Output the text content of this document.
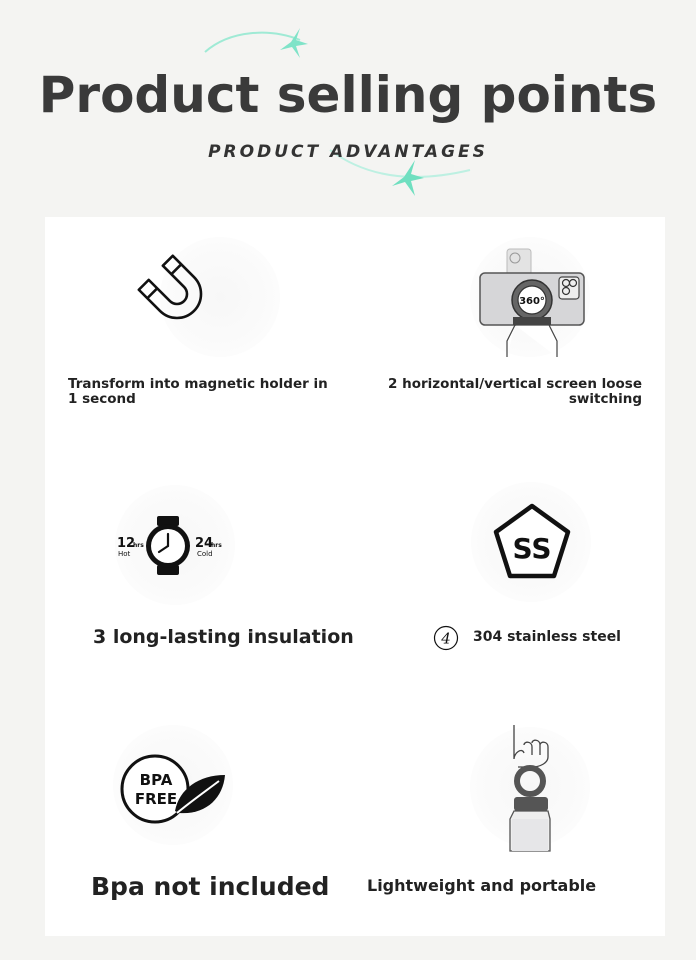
Product selling points
PRODUCT ADVANTAGES
Transform into magnetic holder in 1 second
360°
2 horizontal/vertical screen loose switching
12
hrs
Hot
24
hrs
Cold
3 long-lasting insulation
SS
4 304 stainless steel
BPA
FREE
Bpa not included	Lightweight and portable
